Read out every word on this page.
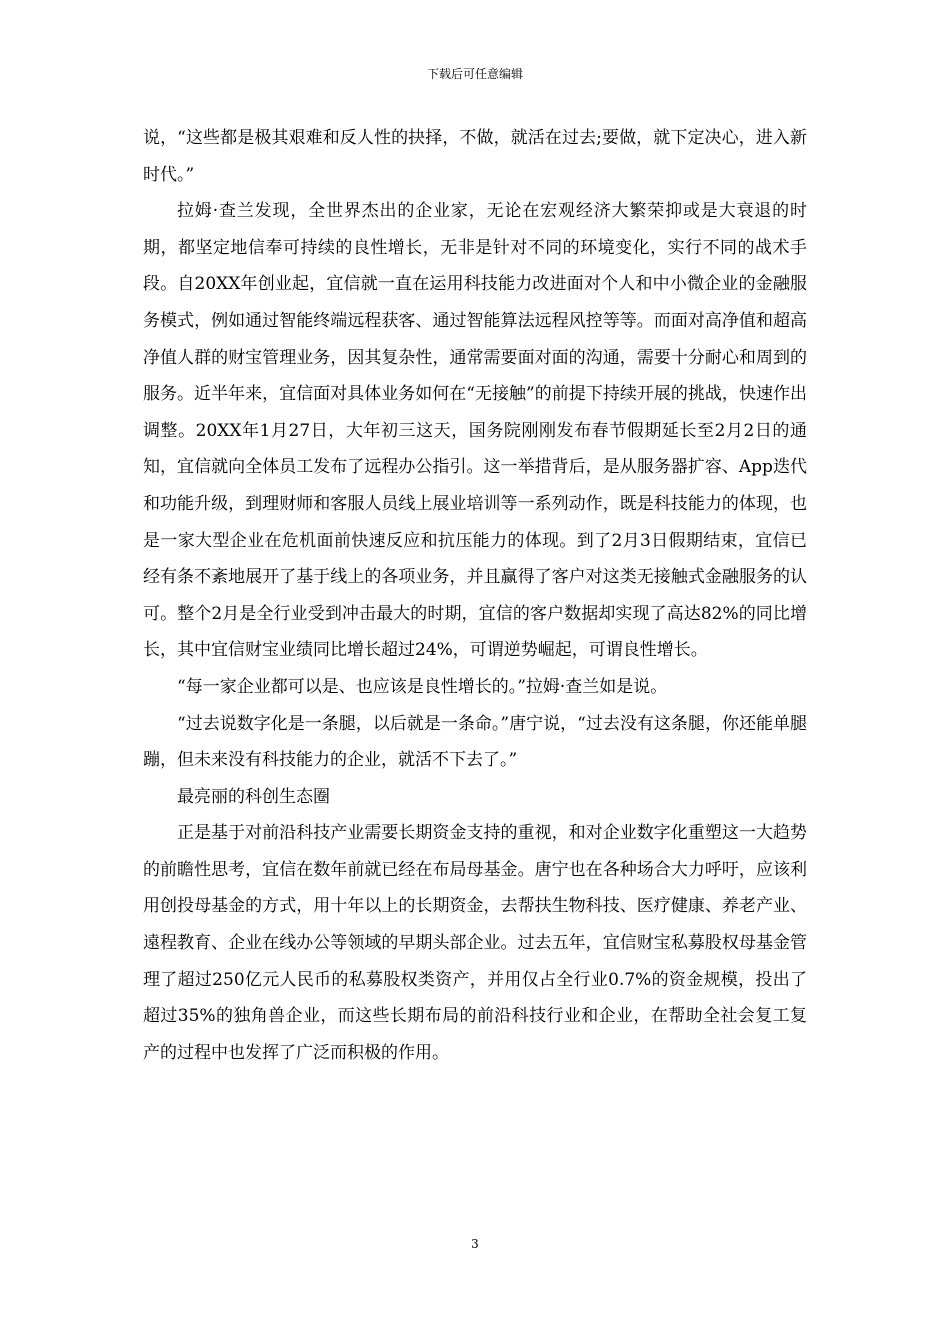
下载后可任意编辑

说，“这些都是极其艰难和反人性的抉择，不做，就活在过去;要做，就下定决心，进入新时代。”

拉姆·查兰发现，全世界杰出的企业家，无论在宏观经济大繁荣抑或是大衰退的时期，都坚定地信奉可持续的良性增长，无非是针对不同的环境变化，实行不同的战术手段。自20XX年创业起，宜信就一直在运用科技能力改进面对个人和中小微企业的金融服务模式，例如通过智能终端远程获客、通过智能算法远程风控等等。而面对高净值和超高净值人群的财宝管理业务，因其复杂性，通常需要面对面的沟通，需要十分耐心和周到的服务。近半年来，宜信面对具体业务如何在“无接触”的前提下持续开展的挑战，快速作出调整。20XX年1月27日，大年初三这天，国务院刚刚发布春节假期延长至2月2日的通知，宜信就向全体员工发布了远程办公指引。这一举措背后，是从服务器扩容、App迭代和功能升级，到理财师和客服人员线上展业培训等一系列动作，既是科技能力的体现，也是一家大型企业在危机面前快速反应和抗压能力的体现。到了2月3日假期结束，宜信已经有条不紊地展开了基于线上的各项业务，并且赢得了客户对这类无接触式金融服务的认可。整个2月是全行业受到冲击最大的时期，宜信的客户数据却实现了高达82%的同比增长，其中宜信财宝业绩同比增长超过24%，可谓逆势崛起，可谓良性增长。

“每一家企业都可以是、也应该是良性增长的。”拉姆·查兰如是说。

“过去说数字化是一条腿，以后就是一条命。”唐宁说，“过去没有这条腿，你还能单腿蹦，但未来没有科技能力的企业，就活不下去了。”

最亮丽的科创生态圈

正是基于对前沿科技产业需要长期资金支持的重视，和对企业数字化重塑这一大趋势的前瞻性思考，宜信在数年前就已经在布局母基金。唐宁也在各种场合大力呼吁，应该利用创投母基金的方式，用十年以上的长期资金，去帮扶生物科技、医疗健康、养老产业、遠程教育、企业在线办公等领域的早期头部企业。过去五年，宜信财宝私募股权母基金管理了超过250亿元人民币的私募股权类资产，并用仅占全行业0.7%的资金规模，投出了超过35%的独角兽企业，而这些长期布局的前沿科技行业和企业，在帮助全社会复工复产的过程中也发挥了广泛而积极的作用。

3
